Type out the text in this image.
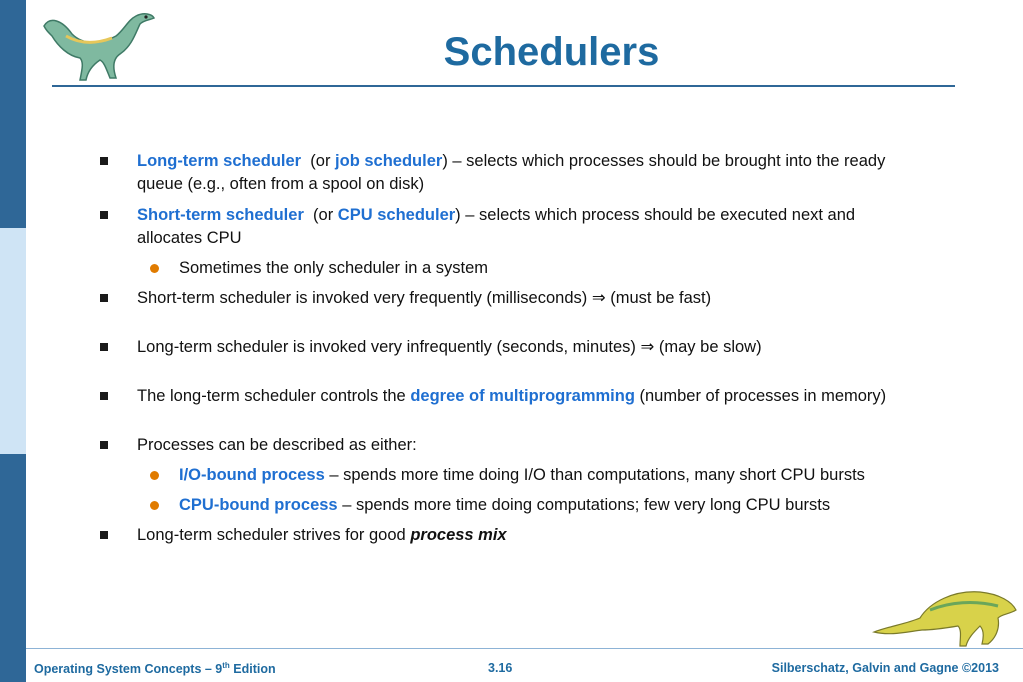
Schedulers

Long-term scheduler  (or job scheduler) – selects which processes should be brought into the ready queue (e.g., often from a spool on disk)

Short-term scheduler  (or CPU scheduler) – selects which process should be executed next and allocates CPU

Sometimes the only scheduler in a system

Short-term scheduler is invoked very frequently (milliseconds) ⇒ (must be fast)

Long-term scheduler is invoked very infrequently (seconds, minutes) ⇒ (may be slow)

The long-term scheduler controls the degree of multiprogramming (number of processes in memory)

Processes can be described as either:

I/O-bound process – spends more time doing I/O than computations, many short CPU bursts

CPU-bound process – spends more time doing computations; few very long CPU bursts

Long-term scheduler strives for good process mix

Operating System Concepts – 9th Edition	3.16	Silberschatz, Galvin and Gagne ©2013
